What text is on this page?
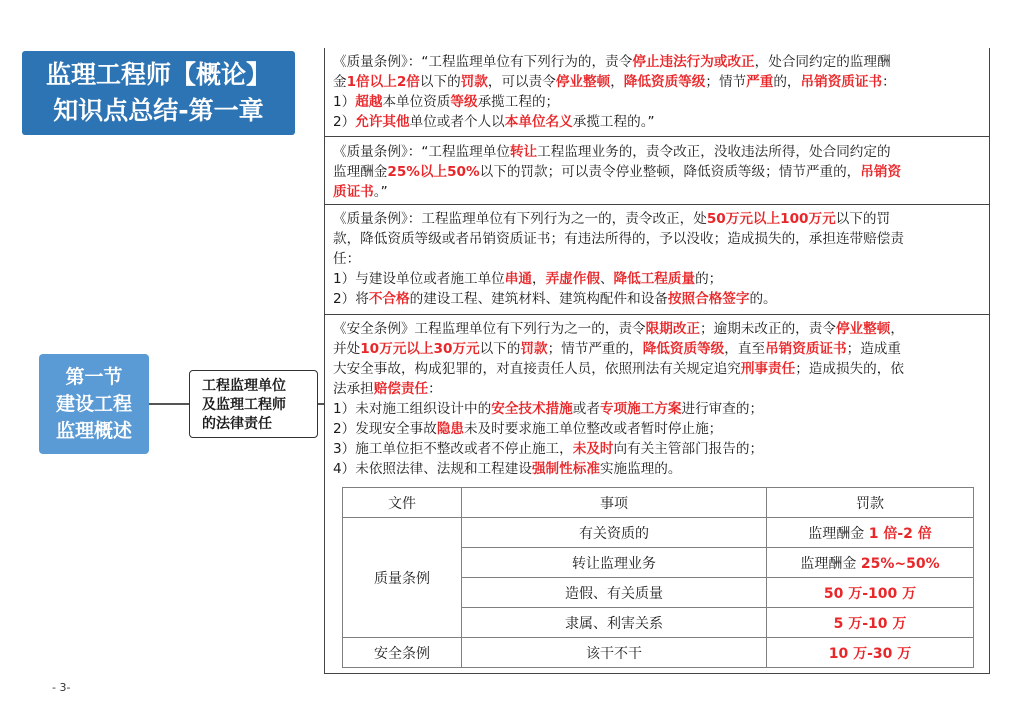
监理工程师【概论】
知识点总结-第一章
第一节
建设工程
监理概述
工程监理单位
及监理工程师
的法律责任

《质量条例》：“工程监理单位有下列行为的，责令停止违法行为或改正，处合同约定的监理酬

金1倍以上2倍以下的罚款，可以责令停业整顿，降低资质等级；情节严重的，吊销资质证书：

1）超越本单位资质等级承揽工程的；

2）允许其他单位或者个人以本单位名义承揽工程的。”

《质量条例》：“工程监理单位转让工程监理业务的，责令改正，没收违法所得，处合同约定的

监理酬金25%以上50%以下的罚款；可以责令停业整顿，降低资质等级；情节严重的，吊销资

质证书。”

《质量条例》：工程监理单位有下列行为之一的，责令改正，处50万元以上100万元以下的罚

款，降低资质等级或者吊销资质证书；有违法所得的，予以没收；造成损失的，承担连带赔偿责

任：

1）与建设单位或者施工单位串通，弄虚作假、降低工程质量的；

2）将不合格的建设工程、建筑材料、建筑构配件和设备按照合格签字的。

《安全条例》工程监理单位有下列行为之一的，责令限期改正；逾期未改正的，责令停业整顿，

并处10万元以上30万元以下的罚款；情节严重的，降低资质等级，直至吊销资质证书；造成重

大安全事故，构成犯罪的，对直接责任人员，依照刑法有关规定追究刑事责任；造成损失的，依

法承担赔偿责任：

1）未对施工组织设计中的安全技术措施或者专项施工方案进行审查的；

2）发现安全事故隐患未及时要求施工单位整改或者暂时停止施；

3）施工单位拒不整改或者不停止施工，未及时向有关主管部门报告的；

4）未依照法律、法规和工程建设强制性标准实施监理的。

文件	事项	罚款
质量条例	有关资质的	监理酬金 1 倍-2 倍
	转让监理业务	监理酬金 25%~50%
	造假、有关质量	50 万-100 万
	隶属、利害关系	5 万-10 万
安全条例	该干不干	10 万-30 万
- 3-
